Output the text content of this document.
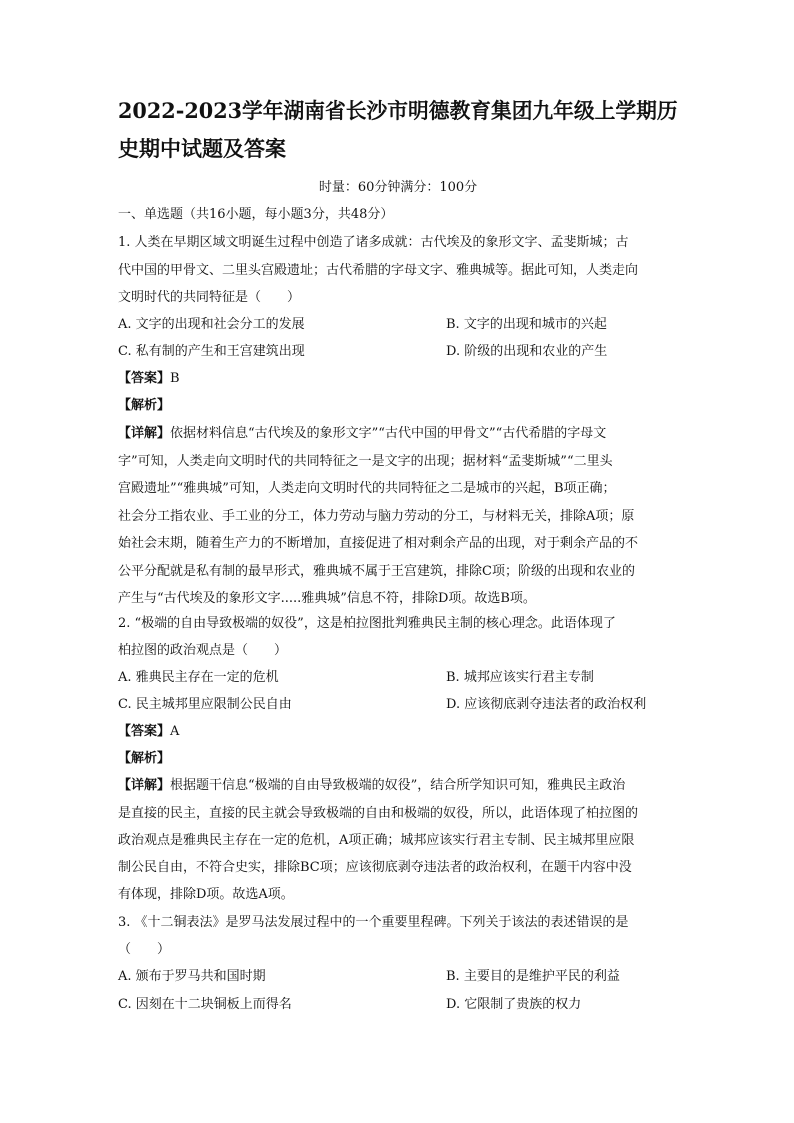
2022-2023学年湖南省长沙市明德教育集团九年级上学期历
史期中试题及答案
时量：60分钟满分：100分
一、单选题（共16小题，每小题3分，共48分）
1. 人类在早期区域文明诞生过程中创造了诸多成就：古代埃及的象形文字、孟斐斯城；古
代中国的甲骨文、二里头宫殿遗址；古代希腊的字母文字、雅典城等。据此可知，人类走向
文明时代的共同特征是（　　）
A. 文字的出现和社会分工的发展	B. 文字的出现和城市的兴起
C. 私有制的产生和王宫建筑出现	D. 阶级的出现和农业的产生
【答案】B
【解析】
【详解】依据材料信息“古代埃及的象形文字”“古代中国的甲骨文”“古代希腊的字母文
字”可知，人类走向文明时代的共同特征之一是文字的出现；据材料“孟斐斯城”“二里头
宫殿遗址”“雅典城”可知，人类走向文明时代的共同特征之二是城市的兴起，B项正确；
社会分工指农业、手工业的分工，体力劳动与脑力劳动的分工，与材料无关，排除A项；原
始社会末期，随着生产力的不断增加，直接促进了相对剩余产品的出现，对于剩余产品的不
公平分配就是私有制的最早形式，雅典城不属于王宫建筑，排除C项；阶级的出现和农业的
产生与“古代埃及的象形文字.....雅典城”信息不符，排除D项。故选B项。
2. “极端的自由导致极端的奴役”，这是柏拉图批判雅典民主制的核心理念。此语体现了
柏拉图的政治观点是（　　）
A. 雅典民主存在一定的危机	B. 城邦应该实行君主专制
C. 民主城邦里应限制公民自由	D. 应该彻底剥夺违法者的政治权利
【答案】A
【解析】
【详解】根据题干信息“极端的自由导致极端的奴役”，结合所学知识可知，雅典民主政治
是直接的民主，直接的民主就会导致极端的自由和极端的奴役，所以，此语体现了柏拉图的
政治观点是雅典民主存在一定的危机，A项正确；城邦应该实行君主专制、民主城邦里应限
制公民自由，不符合史实，排除BC项；应该彻底剥夺违法者的政治权利，在题干内容中没
有体现，排除D项。故选A项。
3. 《十二铜表法》是罗马法发展过程中的一个重要里程碑。下列关于该法的表述错误的是
（　　）
A. 颁布于罗马共和国时期	B. 主要目的是维护平民的利益
C. 因刻在十二块铜板上而得名	D. 它限制了贵族的权力
